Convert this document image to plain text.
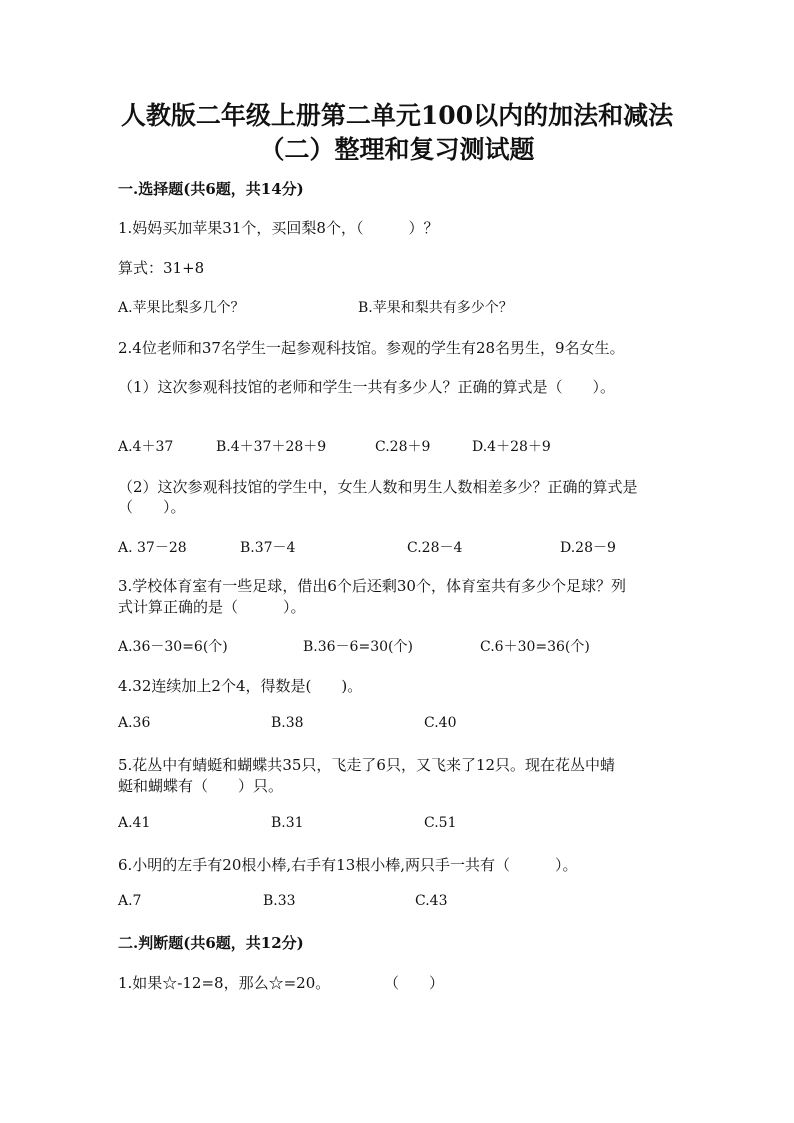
人教版二年级上册第二单元100以内的加法和减法
（二）整理和复习测试题
一.选择题(共6题，共14分)
1.妈妈买加苹果31个，买回梨8个，（　　　）？
算式：31+8
A.苹果比梨多几个？	B.苹果和梨共有多少个？
2.4位老师和37名学生一起参观科技馆。参观的学生有28名男生，9名女生。
（1）这次参观科技馆的老师和学生一共有多少人？正确的算式是（　　）。
A.4＋37	B.4＋37＋28＋9	C.28＋9	D.4＋28＋9
（2）这次参观科技馆的学生中，女生人数和男生人数相差多少？正确的算式是
（　　）。
A. 37－28	B.37－4	C.28－4	D.28－9
3.学校体育室有一些足球，借出6个后还剩30个，体育室共有多少个足球？列
式计算正确的是（　　　）。
A.36－30=6(个)	B.36－6=30(个)	C.6＋30=36(个)
4.32连续加上2个4，得数是(　　)。
A.36	B.38	C.40
5.花丛中有蜻蜓和蝴蝶共35只，飞走了6只，又飞来了12只。现在花丛中蜻
蜓和蝴蝶有（　　）只。
A.41	B.31	C.51
6.小明的左手有20根小棒,右手有13根小棒,两只手一共有（　　　）。
A.7	B.33	C.43
二.判断题(共6题，共12分)
1.如果☆-12=8，那么☆=20。	（　　）
